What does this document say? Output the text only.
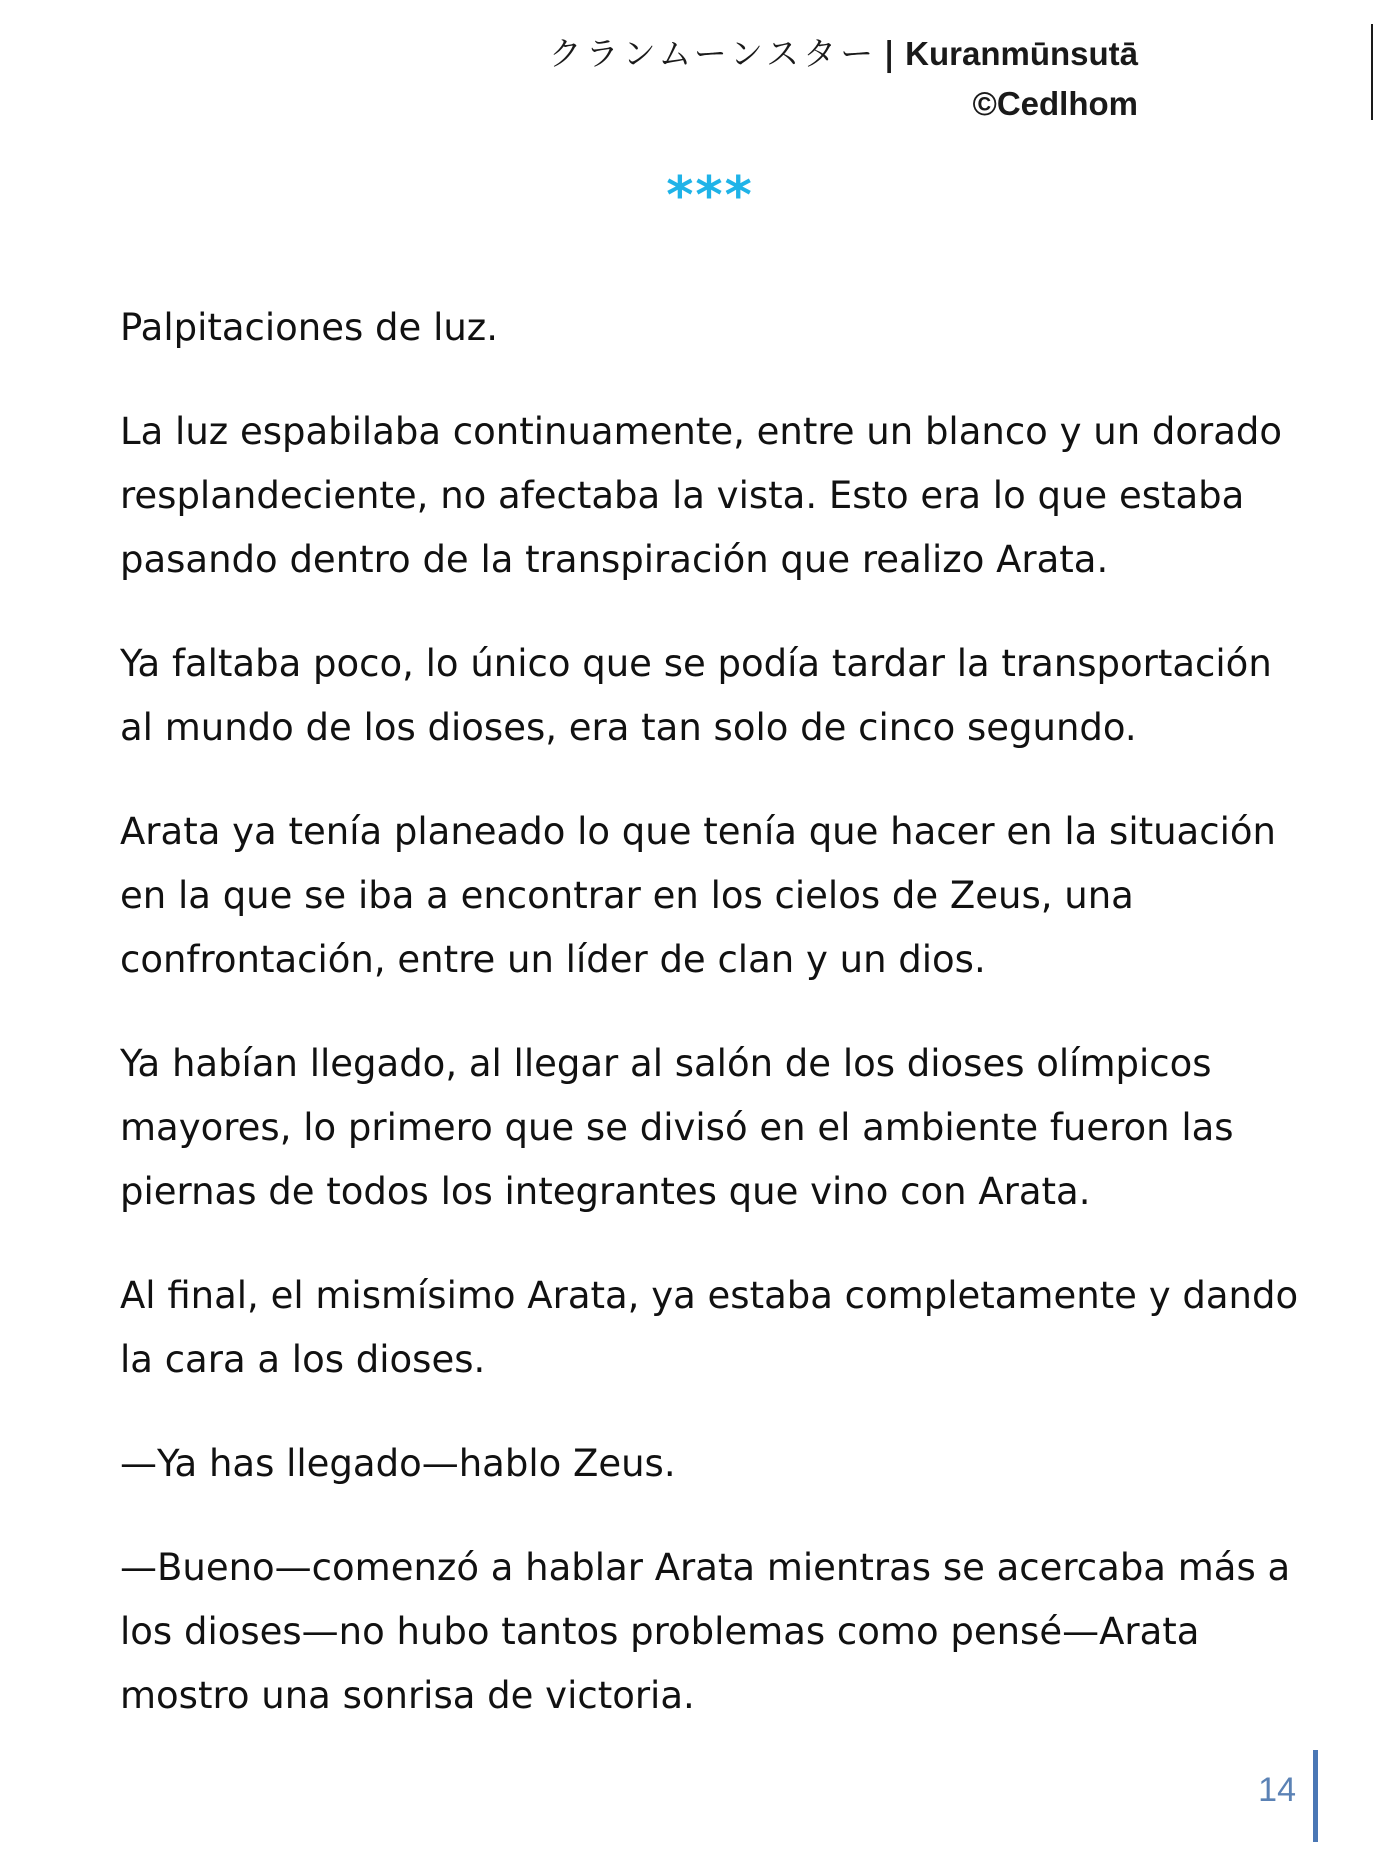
クランムーンスター | Kuranmūnsutā
©Cedlhom
***

Palpitaciones de luz.

La luz espabilaba continuamente, entre un blanco y un dorado resplandeciente, no afectaba la vista. Esto era lo que estaba pasando dentro de la transpiración que realizo Arata.

Ya faltaba poco, lo único que se podía tardar la transportación al mundo de los dioses, era tan solo de cinco segundo.

Arata ya tenía planeado lo que tenía que hacer en la situación en la que se iba a encontrar en los cielos de Zeus, una confrontación, entre un líder de clan y un dios.

Ya habían llegado, al llegar al salón de los dioses olímpicos mayores, lo primero que se divisó en el ambiente fueron las piernas de todos los integrantes que vino con Arata.

Al final, el mismísimo Arata, ya estaba completamente y dando la cara a los dioses.

—Ya has llegado—hablo Zeus.

—Bueno—comenzó a hablar Arata mientras se acercaba más a los dioses—no hubo tantos problemas como pensé—Arata mostro una sonrisa de victoria.

14
